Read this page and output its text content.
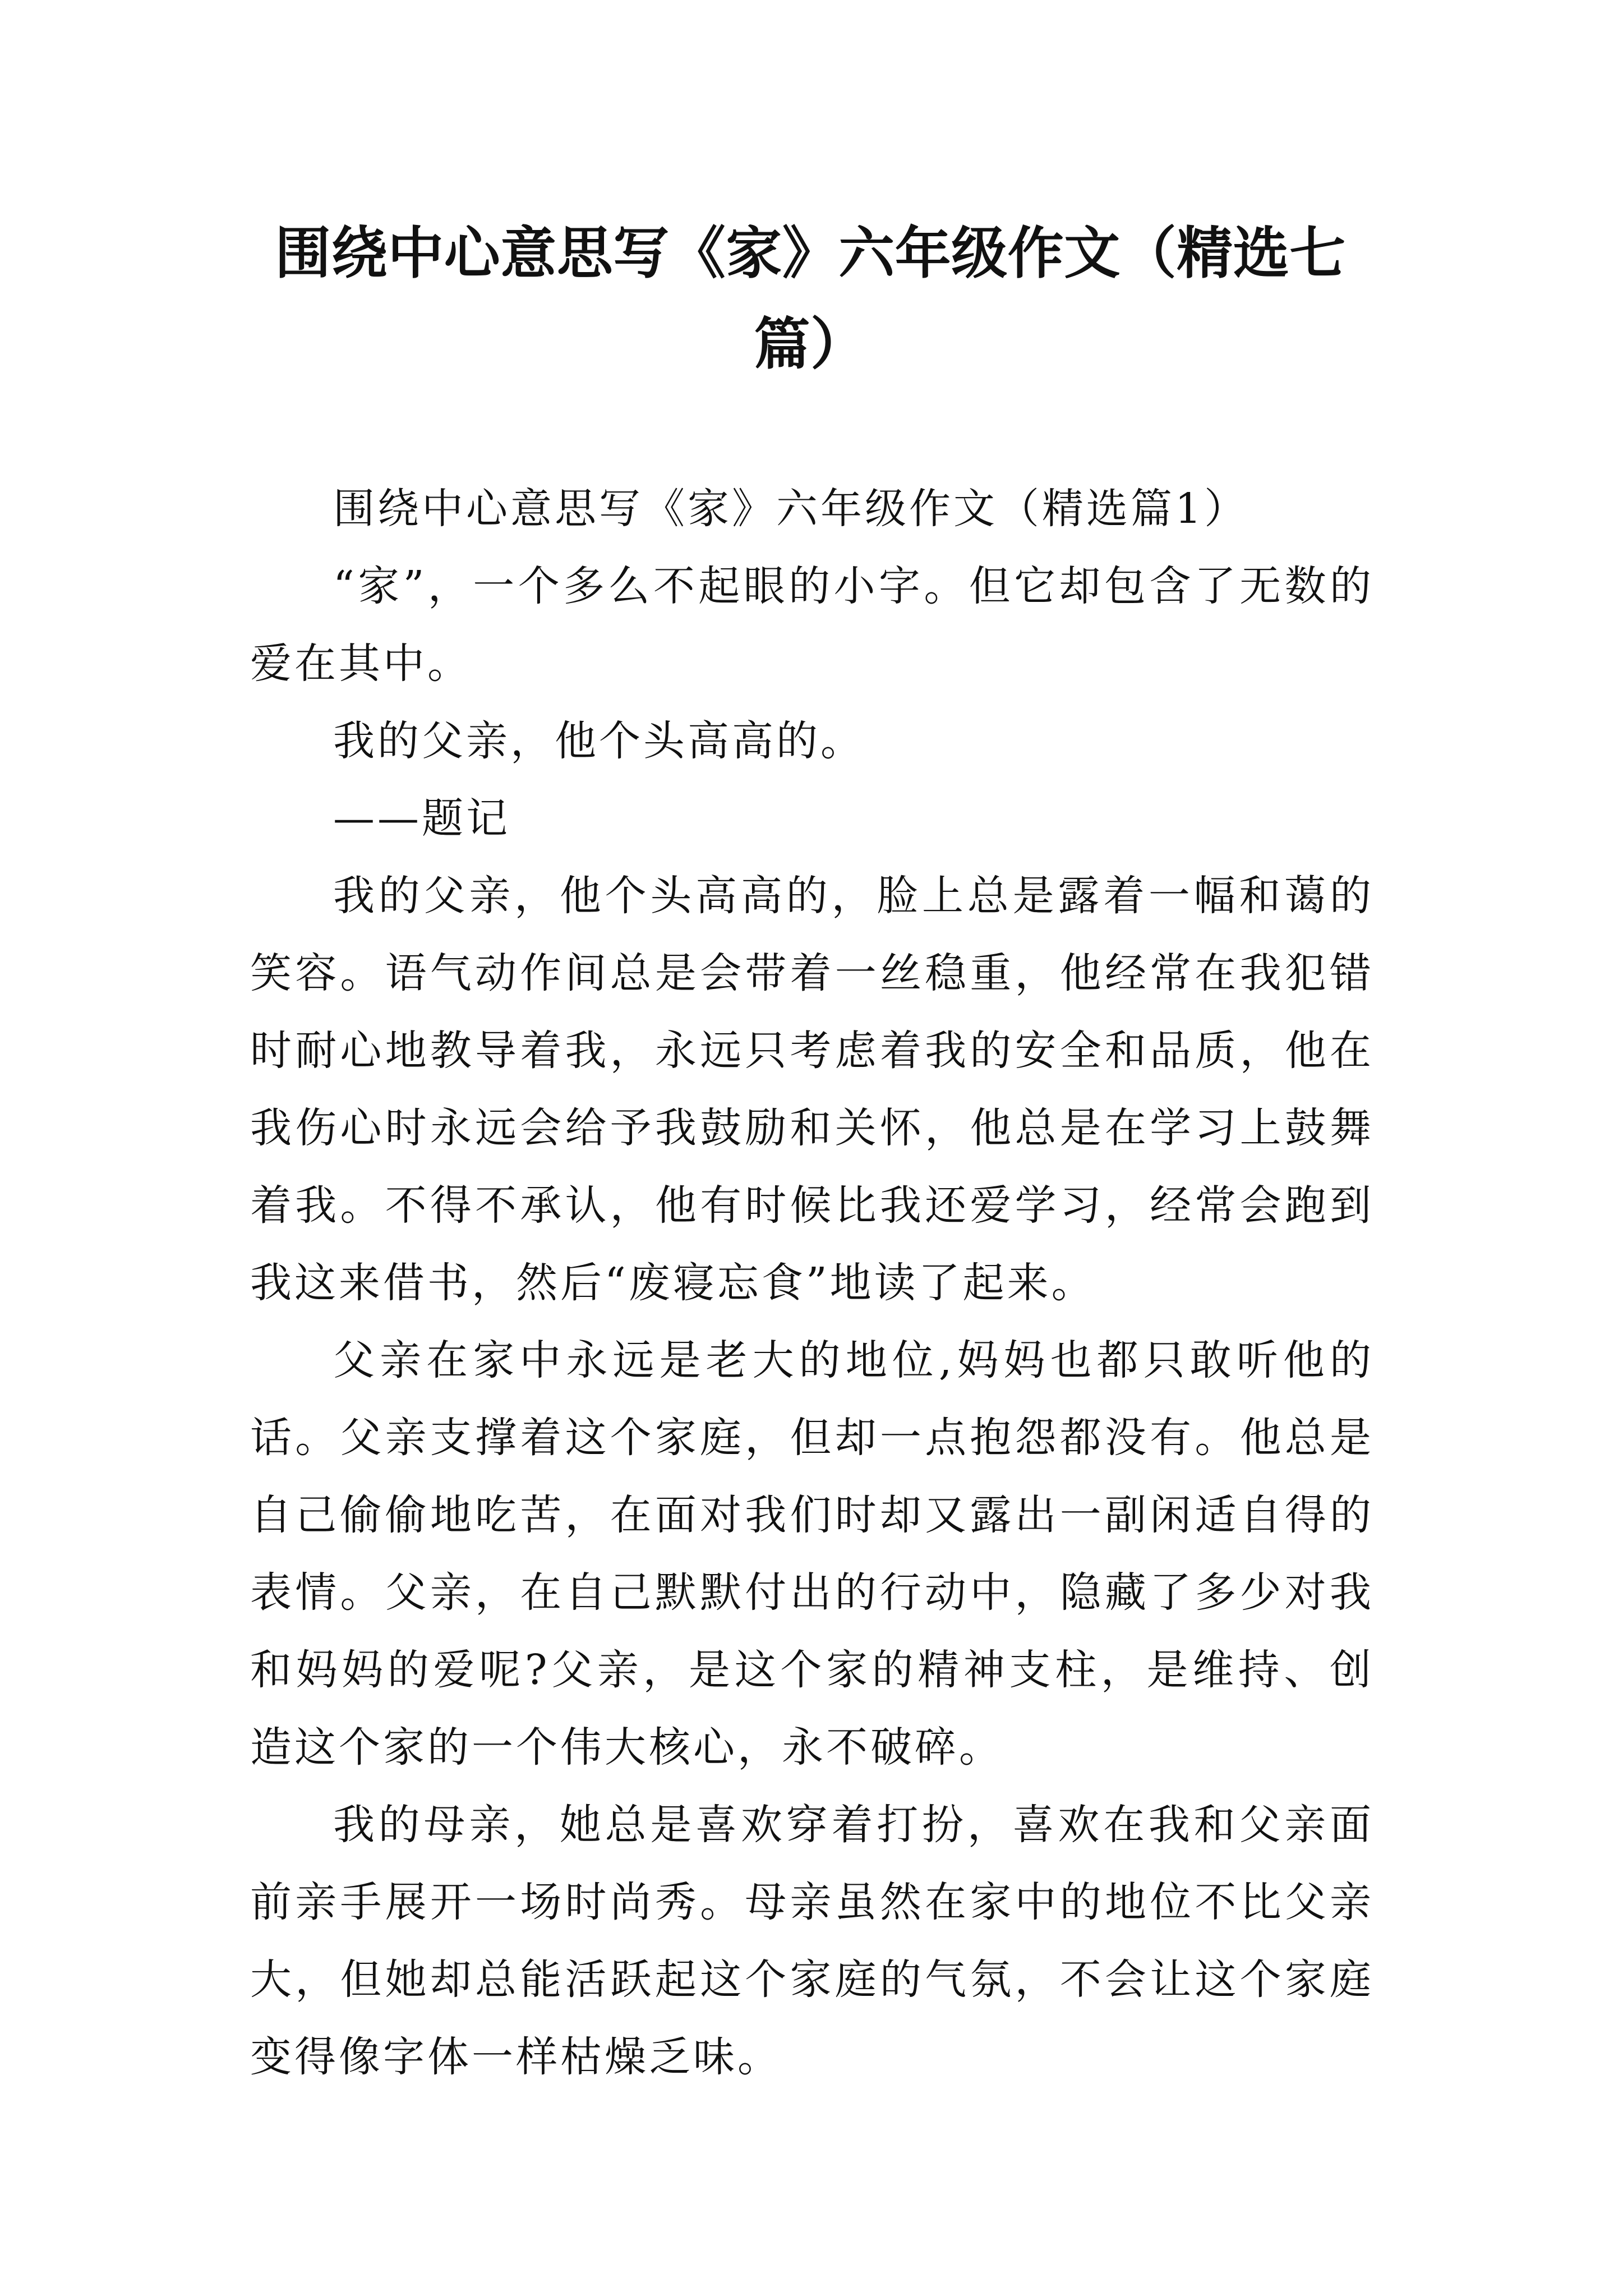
围绕中心意思写《家》六年级作文（精选七篇）

围绕中心意思写《家》六年级作文（精选篇1）

“家”，一个多么不起眼的小字。但它却包含了无数的爱在其中。

我的父亲，他个头高高的。

——题记

我的父亲，他个头高高的，脸上总是露着一幅和蔼的笑容。语气动作间总是会带着一丝稳重，他经常在我犯错时耐心地教导着我，永远只考虑着我的安全和品质，他在我伤心时永远会给予我鼓励和关怀，他总是在学习上鼓舞着我。不得不承认，他有时候比我还爱学习，经常会跑到我这来借书，然后“废寝忘食”地读了起来。

父亲在家中永远是老大的地位,妈妈也都只敢听他的话。父亲支撑着这个家庭，但却一点抱怨都没有。他总是自己偷偷地吃苦，在面对我们时却又露出一副闲适自得的表情。父亲，在自己默默付出的行动中，隐藏了多少对我和妈妈的爱呢?父亲，是这个家的精神支柱，是维持、创造这个家的一个伟大核心，永不破碎。

我的母亲，她总是喜欢穿着打扮，喜欢在我和父亲面前亲手展开一场时尚秀。母亲虽然在家中的地位不比父亲大，但她却总能活跃起这个家庭的气氛，不会让这个家庭变得像字体一样枯燥乏味。
